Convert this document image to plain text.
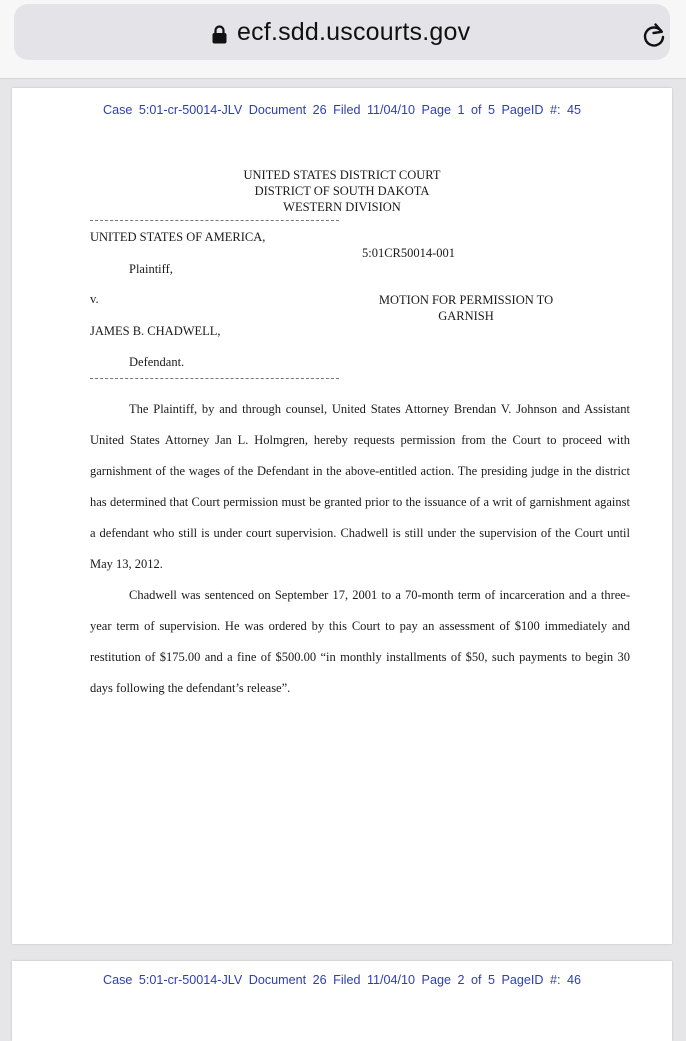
ecf.sdd.uscourts.gov
Case 5:01-cr-50014-JLV Document 26 Filed 11/04/10 Page 1 of 5 PageID #: 45
UNITED STATES DISTRICT COURT
DISTRICT OF SOUTH DAKOTA
WESTERN DIVISION
UNITED STATES OF AMERICA,
5:01CR50014-001
Plaintiff,
v.	MOTION FOR PERMISSION TO
GARNISH
JAMES B. CHADWELL,
Defendant.

The Plaintiff, by and through counsel, United States Attorney Brendan V. Johnson and Assistant United States Attorney Jan L. Holmgren, hereby requests permission from the Court to proceed with garnishment of the wages of the Defendant in the above-entitled action. The presiding judge in the district has determined that Court permission must be granted prior to the issuance of a writ of garnishment against a defendant who still is under court supervision. Chadwell is still under the supervision of the Court until May 13, 2012.

Chadwell was sentenced on September 17, 2001 to a 70-month term of incarceration and a three-year term of supervision. He was ordered by this Court to pay an assessment of $100 immediately and restitution of $175.00 and a fine of $500.00 “in monthly installments of $50, such payments to begin 30 days following the defendant’s release”.

Case 5:01-cr-50014-JLV Document 26 Filed 11/04/10 Page 2 of 5 PageID #: 46
